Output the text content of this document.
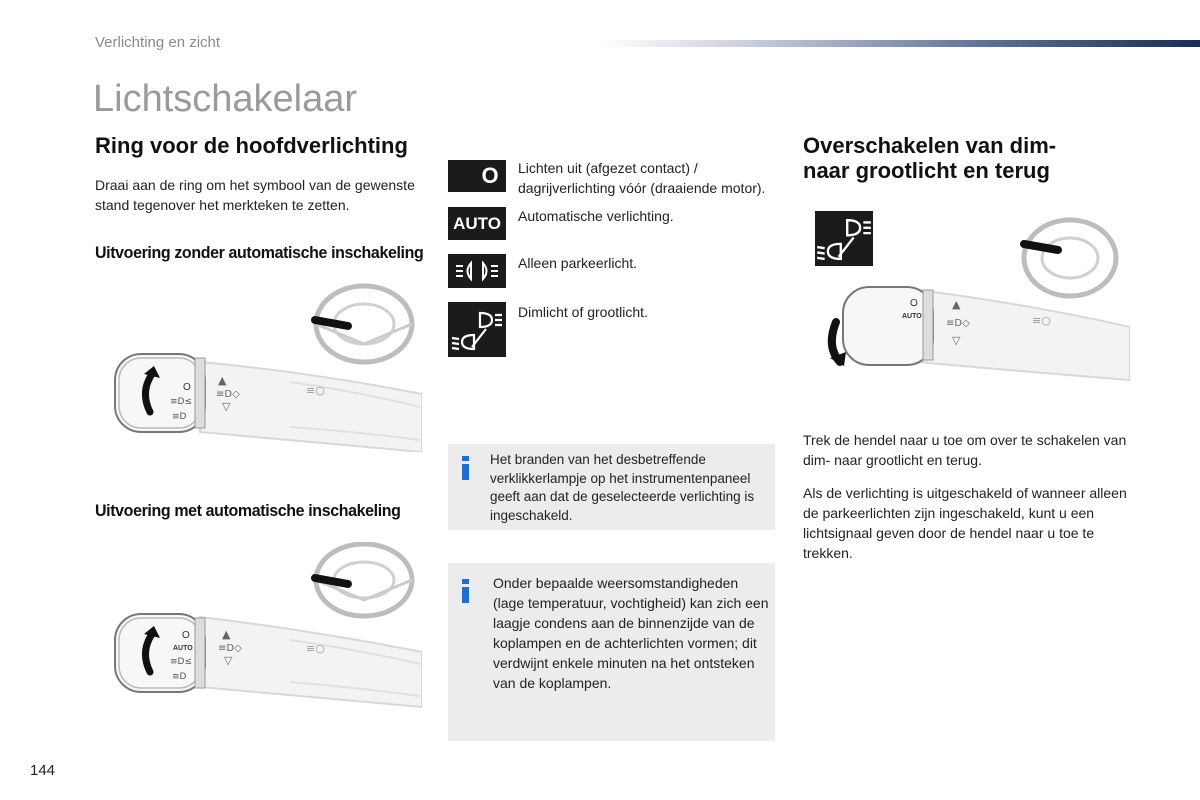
Verlichting en zicht
Lichtschakelaar
Ring voor de hoofdverlichting
Draai aan de ring om het symbool van de gewenste stand tegenover het merkteken te zetten.
Uitvoering zonder automatische inschakeling
O
≡D≤
≡D
▲
≡D◇
▽
≡○
Uitvoering met automatische inschakeling
O
AUTO
≡D≤
≡D
▲
≡D◇
▽
≡○
144
O Lichten uit (afgezet contact) / dagrijverlichting vóór (draaiende motor).
AUTO Automatische verlichting.
Alleen parkeerlicht.
Dimlicht of grootlicht.
Het branden van het desbetreffende verklikkerlampje op het instrumentenpaneel geeft aan dat de geselecteerde verlichting is ingeschakeld.
Onder bepaalde weersomstandigheden (lage temperatuur, vochtigheid) kan zich een laagje condens aan de binnenzijde van de koplampen en de achterlichten vormen; dit verdwijnt enkele minuten na het ontsteken van de koplampen.
Overschakelen van dim- naar grootlicht en terug
O
AUTO
▲
≡D◇
▽
≡○
Trek de hendel naar u toe om over te schakelen van dim- naar grootlicht en terug.
Als de verlichting is uitgeschakeld of wanneer alleen de parkeerlichten zijn ingeschakeld, kunt u een lichtsignaal geven door de hendel naar u toe te trekken.
